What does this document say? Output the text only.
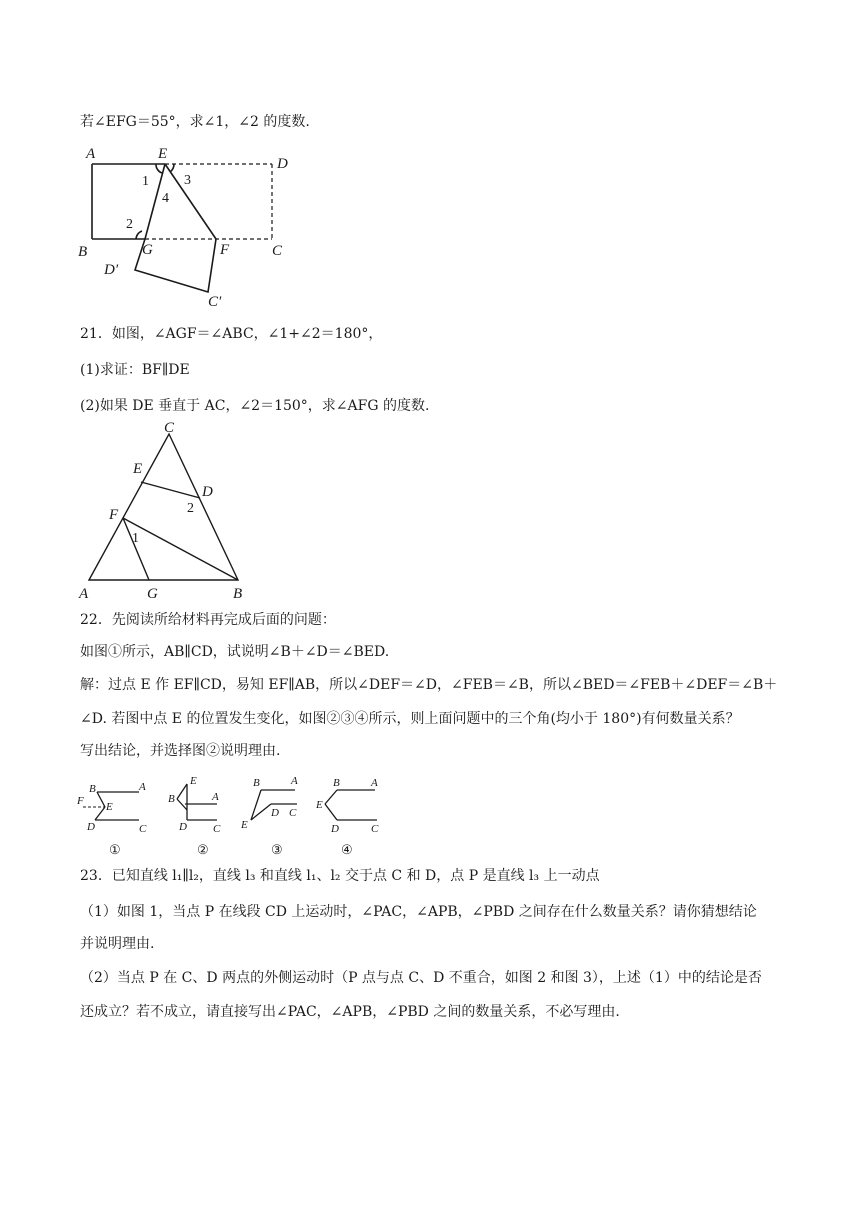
若∠EFG＝55°，求∠1，∠2 的度数.
A	E
D
B	G	F	C
D′
C′
1
2
3
4
21．如图，∠AGF＝∠ABC，∠1+∠2＝180°，
(1)求证：BF∥DE
(2)如果 DE 垂直于 AC，∠2＝150°，求∠AFG 的度数.
A	G	B
C
E
D
F	2
1
22．先阅读所给材料再完成后面的问题：
如图①所示，AB∥CD，试说明∠B＋∠D＝∠BED.
解：过点 E 作 EF∥CD，易知 EF∥AB，所以∠DEF＝∠D，∠FEB＝∠B，所以∠BED＝∠FEB＋∠DEF＝∠B＋
∠D. 若图中点 E 的位置发生变化，如图②③④所示，则上面问题中的三个角(均小于 180°)有何数量关系？
写出结论，并选择图②说明理由.
B	A
F E
D	C
①
E
B	A
D C
②
B	A
D C
E
③
B	A
E
D	C
④
23．已知直线 l₁∥l₂，直线 l₃ 和直线 l₁、l₂ 交于点 C 和 D，点 P 是直线 l₃ 上一动点
（1）如图 1，当点 P 在线段 CD 上运动时，∠PAC，∠APB，∠PBD 之间存在什么数量关系？请你猜想结论
并说明理由.
（2）当点 P 在 C、D 两点的外侧运动时（P 点与点 C、D 不重合，如图 2 和图 3），上述（1）中的结论是否
还成立？若不成立，请直接写出∠PAC，∠APB，∠PBD 之间的数量关系，不必写理由.
